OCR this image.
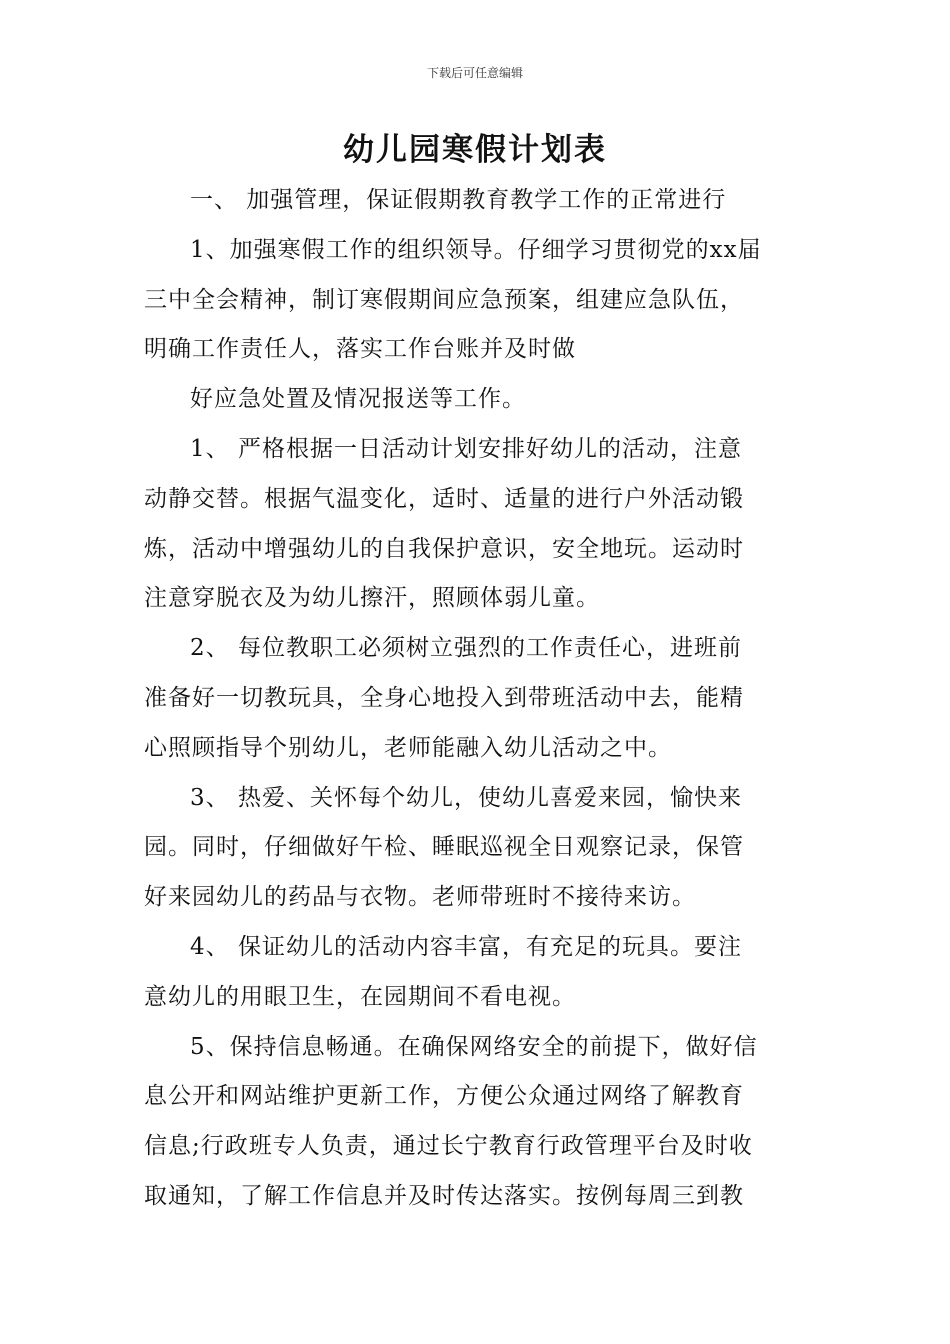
下载后可任意编辑
幼儿园寒假计划表

一、 加强管理，保证假期教育教学工作的正常进行

1、加强寒假工作的组织领导。仔细学习贯彻党的xx届

三中全会精神，制订寒假期间应急预案，组建应急队伍，

明确工作责任人，落实工作台账并及时做

好应急处置及情况报送等工作。

1、 严格根据一日活动计划安排好幼儿的活动，注意

动静交替。根据气温变化，适时、适量的进行户外活动锻

炼，活动中增强幼儿的自我保护意识，安全地玩。运动时

注意穿脱衣及为幼儿擦汗，照顾体弱儿童。

2、 每位教职工必须树立强烈的工作责任心，进班前

准备好一切教玩具，全身心地投入到带班活动中去，能精

心照顾指导个别幼儿，老师能融入幼儿活动之中。

3、 热爱、关怀每个幼儿，使幼儿喜爱来园，愉快来

园。同时，仔细做好午检、睡眠巡视全日观察记录，保管

好来园幼儿的药品与衣物。老师带班时不接待来访。

4、 保证幼儿的活动内容丰富，有充足的玩具。要注

意幼儿的用眼卫生，在园期间不看电视。

5、保持信息畅通。在确保网络安全的前提下，做好信

息公开和网站维护更新工作，方便公众通过网络了解教育

信息;行政班专人负责，通过长宁教育行政管理平台及时收

取通知，了解工作信息并及时传达落实。按例每周三到教
